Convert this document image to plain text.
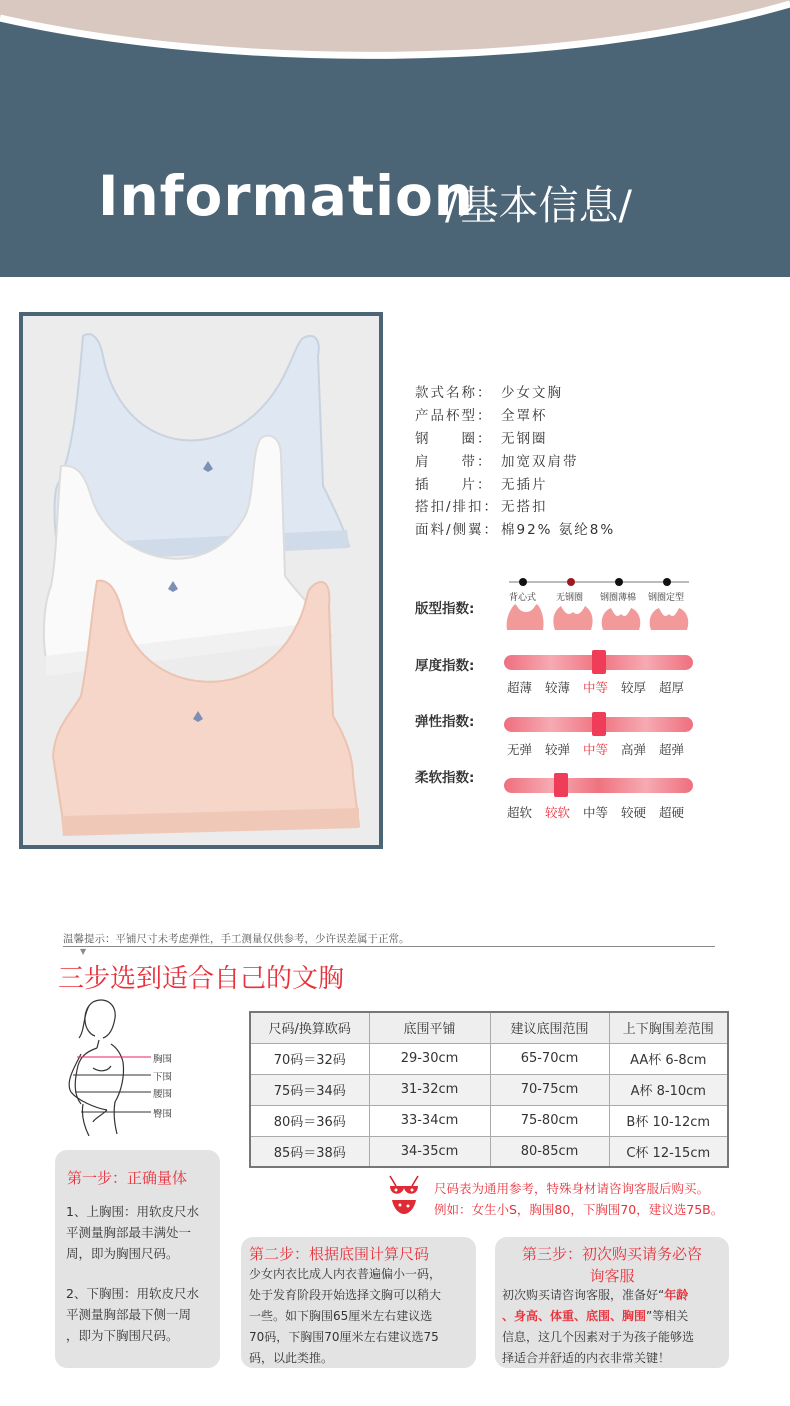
Information
/基本信息/
款式名称： 少女文胸
产品杯型： 全罩杯
钢　　圈： 无钢圈
肩　　带： 加宽双肩带
插　　片： 无插片
搭扣/排扣： 无搭扣
面料/侧翼： 棉92% 氨纶8%
版型指数:
背心式 无钢圈 钢圈薄棉 钢圈定型
厚度指数:
超薄 较薄 中等 较厚 超厚
弹性指数:
无弹 较弹 中等 高弹 超弹
柔软指数:
超软 较软 中等 较硬 超硬
温馨提示：平铺尺寸未考虑弹性，手工测量仅供参考，少许误差属于正常。
▼
三步选到适合自己的文胸
胸围
下围
腰围
臀围
尺码/换算欧码	底围平铺	建议底围范围	上下胸围差范围
70码＝32码	29-30cm	65-70cm	AA杯 6-8cm
75码＝34码	31-32cm	70-75cm	A杯 8-10cm
80码＝36码	33-34cm	75-80cm	B杯 10-12cm
85码＝38码	34-35cm	80-85cm	C杯 12-15cm
尺码表为通用参考，特殊身材请咨询客服后购买。
例如：女生小S，胸围80，下胸围70，建议选75B。
第一步：正确量体
1、上胸围：用软皮尺水
平测量胸部最丰满处一
周，即为胸围尺码。
2、下胸围：用软皮尺水
平测量胸部最下侧一周
，即为下胸围尺码。
第二步：根据底围计算尺码
少女内衣比成人内衣普遍偏小一码，
处于发育阶段开始选择文胸可以稍大
一些。如下胸围65厘米左右建议选
70码，下胸围70厘米左右建议选75
码，以此类推。
第三步：初次购买请务必咨
询客服
初次购买请咨询客服，准备好“年龄
、身高、体重、底围、胸围”等相关
信息，这几个因素对于为孩子能够选
择适合并舒适的内衣非常关键！
